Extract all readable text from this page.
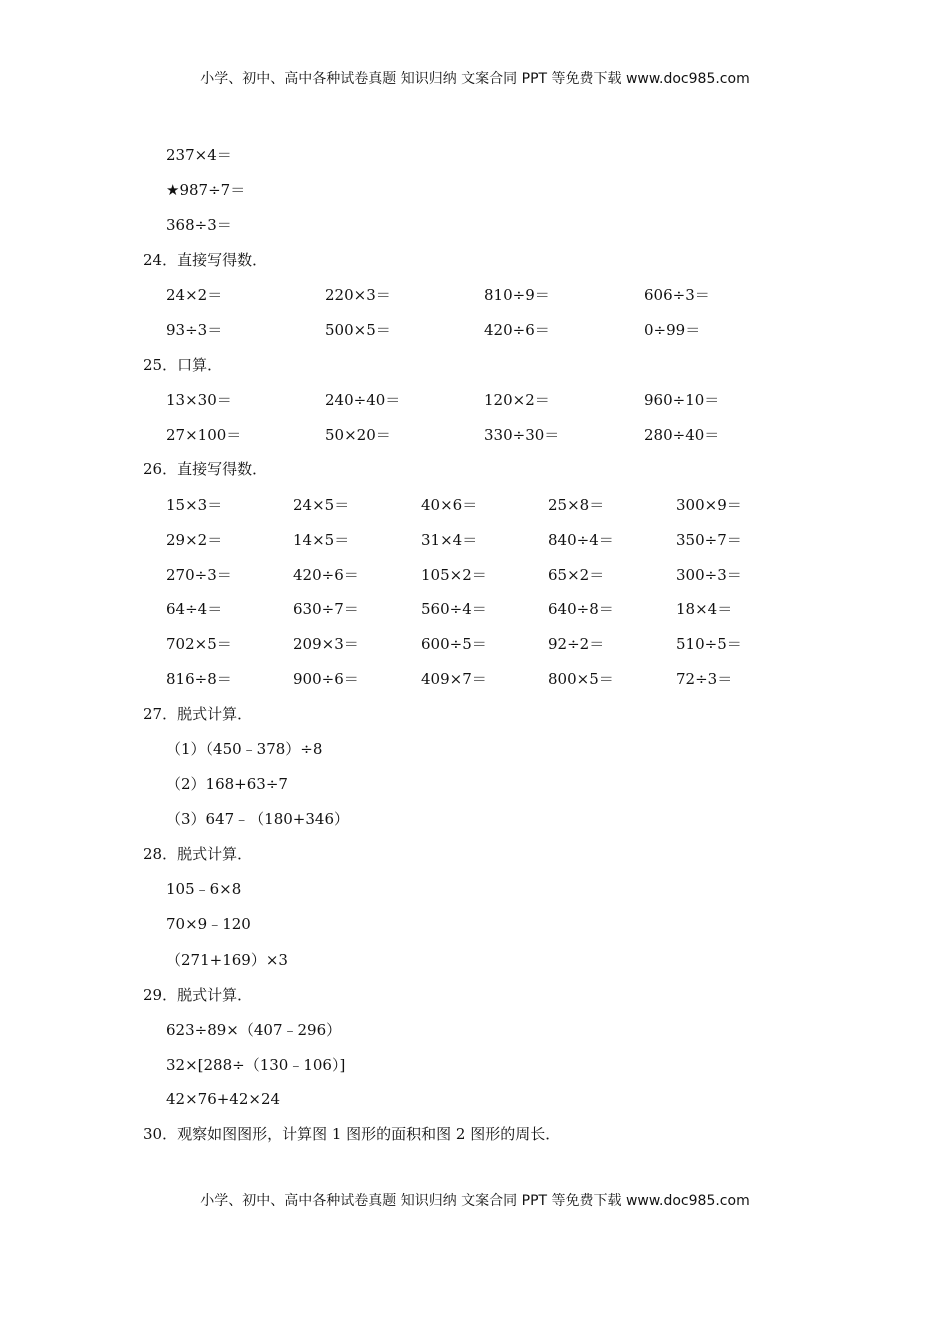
小学、初中、高中各种试卷真题 知识归纳 文案合同 PPT 等免费下载 www.doc985.com
237×4＝
★987÷7＝
368÷3＝
24．直接写得数．
24×2＝	220×3＝	810÷9＝	606÷3＝
93÷3＝	500×5＝	420÷6＝	0÷99＝
25．口算．
13×30＝	240÷40＝	120×2＝	960÷10＝
27×100＝	50×20＝	330÷30＝	280÷40＝
26．直接写得数．
15×3＝	24×5＝	40×6＝	25×8＝	300×9＝
29×2＝	14×5＝	31×4＝	840÷4＝	350÷7＝
270÷3＝	420÷6＝	105×2＝	65×2＝	300÷3＝
64÷4＝	630÷7＝	560÷4＝	640÷8＝	18×4＝
702×5＝	209×3＝	600÷5＝	92÷2＝	510÷5＝
816÷8＝	900÷6＝	409×7＝	800×5＝	72÷3＝
27．脱式计算．
（1）（450﹣378）÷8
（2）168+63÷7
（3）647﹣（180+346）
28．脱式计算．
105﹣6×8
70×9﹣120
（271+169）×3
29．脱式计算．
623÷89×（407﹣296）
32×[288÷（130﹣106）]
42×76+42×24
30．观察如图图形，计算图 1 图形的面积和图 2 图形的周长．
小学、初中、高中各种试卷真题 知识归纳 文案合同 PPT 等免费下载 www.doc985.com
